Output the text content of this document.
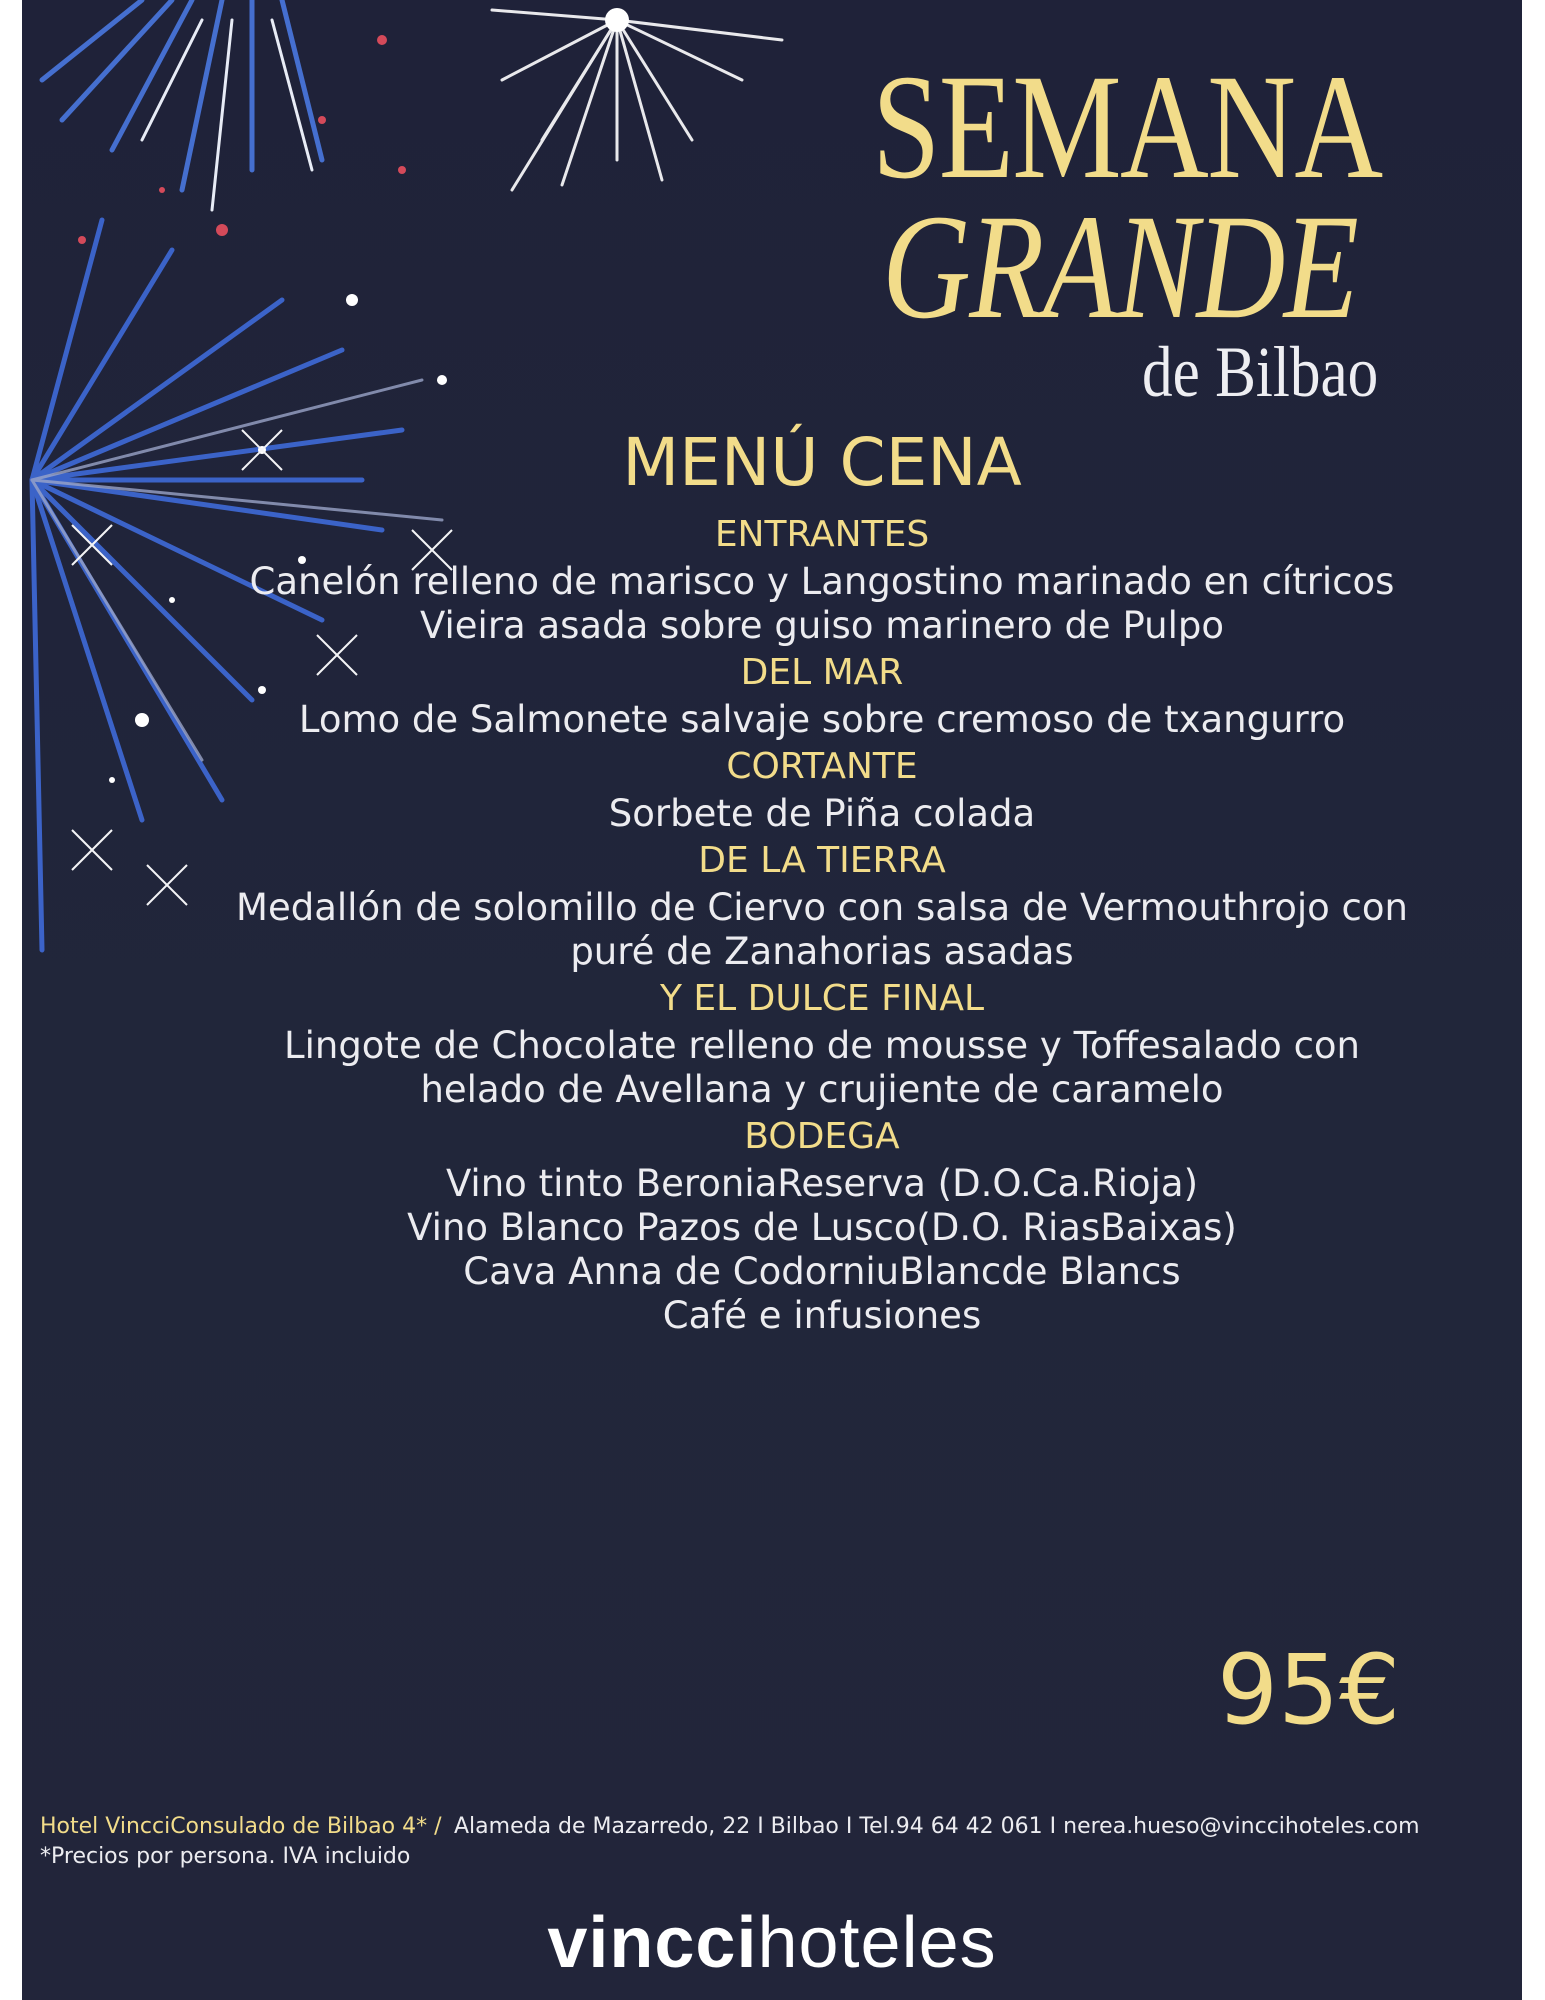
SEMANA
GRANDE
de Bilbao
MENÚ CENA
ENTRANTES
Canelón relleno de marisco y Langostino marinado en cítricos
Vieira asada sobre guiso marinero de Pulpo
DEL MAR
Lomo de Salmonete salvaje sobre cremoso de txangurro
CORTANTE
Sorbete de Piña colada
DE LA TIERRA
Medallón de solomillo de Ciervo con salsa de Vermouthrojo con
puré de Zanahorias asadas
Y EL DULCE FINAL
Lingote de Chocolate relleno de mousse y Toffesalado con
helado de Avellana y crujiente de caramelo
BODEGA
Vino tinto BeroniaReserva (D.O.Ca.Rioja)
Vino Blanco Pazos de Lusco(D.O. RiasBaixas)
Cava Anna de CodorniuBlancde Blancs
Café e infusiones
95€
Hotel VincciConsulado de Bilbao 4* /
*Precios por persona. IVA incluido
Alameda de Mazarredo, 22 I Bilbao I Tel.94 64 42 061 I nerea.hueso@vinccihoteles.com
vinccihoteles
